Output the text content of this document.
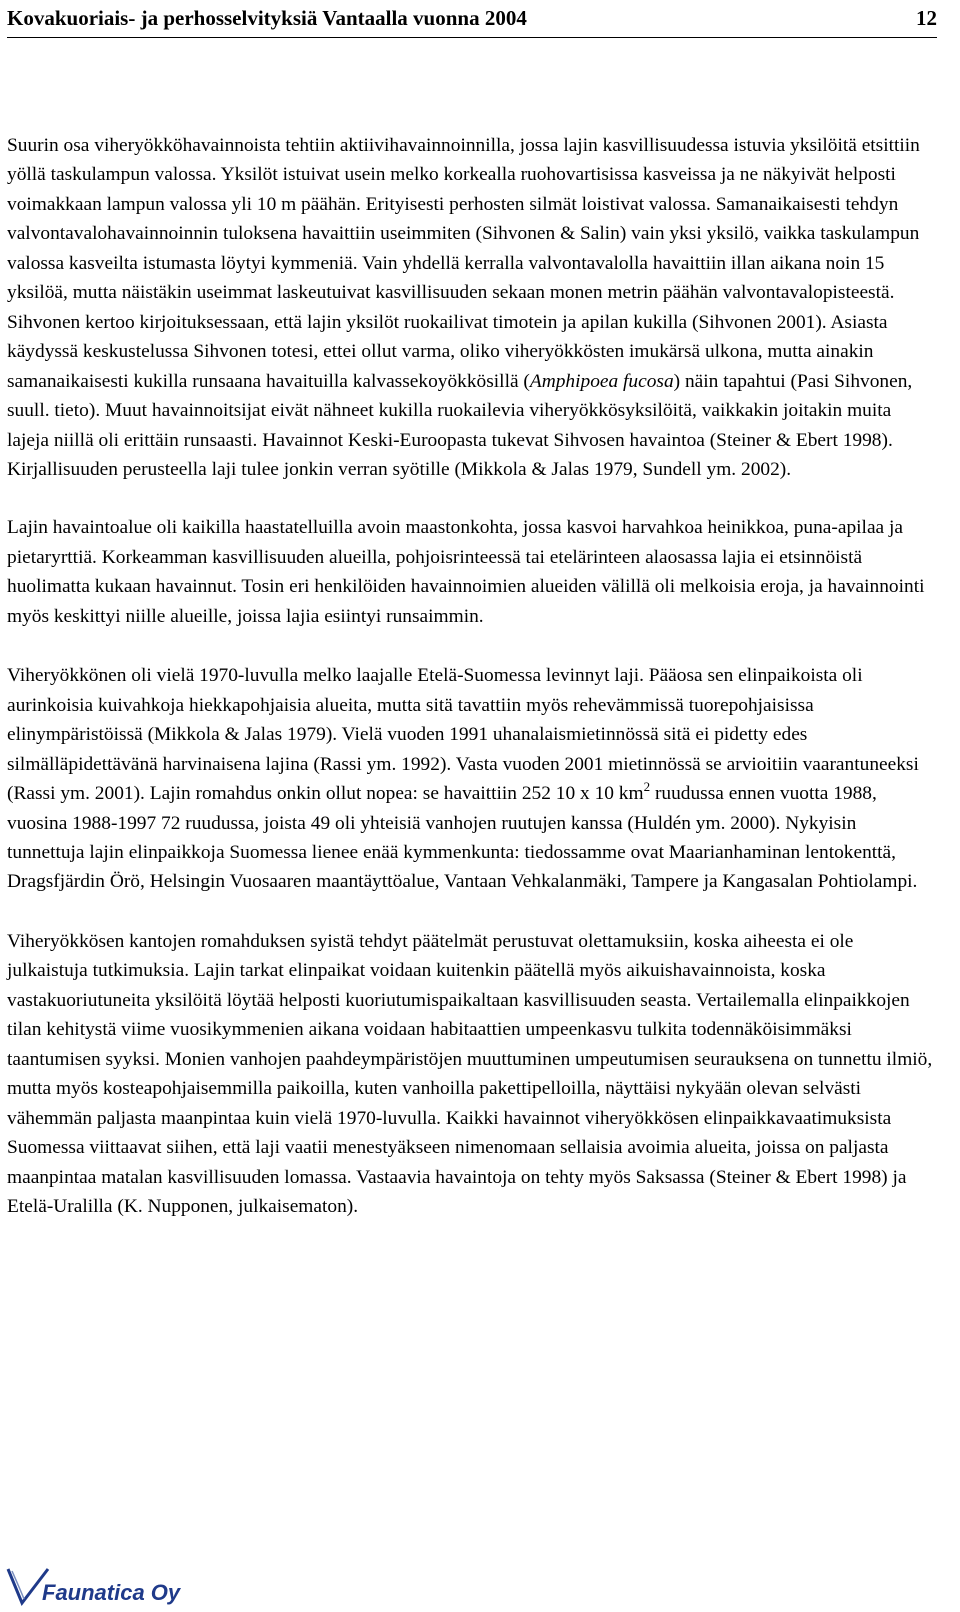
Kovakuoriais- ja perhosselvityksiä Vantaalla vuonna 2004	12

Suurin osa viheryökköhavainnoista tehtiin aktiivihavainnoinnilla, jossa lajin kasvillisuudessa istuvia yksilöitä etsittiin yöllä taskulampun valossa. Yksilöt istuivat usein melko korkealla ruohovartisissa kasveissa ja ne näkyivät helposti voimakkaan lampun valossa yli 10 m päähän. Erityisesti perhosten silmät loistivat valossa. Samanaikaisesti tehdyn valvontavalohavainnoinnin tuloksena havaittiin useimmiten (Sihvonen & Salin) vain yksi yksilö, vaikka taskulampun valossa kasveilta istumasta löytyi kymmeniä. Vain yhdellä kerralla valvontavalolla havaittiin illan aikana noin 15 yksilöä, mutta näistäkin useimmat laskeutuivat kasvillisuuden sekaan monen metrin päähän valvontavalopisteestä. Sihvonen kertoo kirjoituksessaan, että lajin yksilöt ruokailivat timotein ja apilan kukilla (Sihvonen 2001). Asiasta käydyssä keskustelussa Sihvonen totesi, ettei ollut varma, oliko viheryökkösten imukärsä ulkona, mutta ainakin samanaikaisesti kukilla runsaana havaituilla kalvassekoyökkösillä (Amphipoea fucosa) näin tapahtui (Pasi Sihvonen, suull. tieto). Muut havainnoitsijat eivät nähneet kukilla ruokailevia viheryökkösyksilöitä, vaikkakin joitakin muita lajeja niillä oli erittäin runsaasti. Havainnot Keski-Euroopasta tukevat Sihvosen havaintoa (Steiner & Ebert 1998). Kirjallisuuden perusteella laji tulee jonkin verran syötille (Mikkola & Jalas 1979, Sundell ym. 2002).

Lajin havaintoalue oli kaikilla haastatelluilla avoin maastonkohta, jossa kasvoi harvahkoa heinikkoa, puna-apilaa ja pietaryrttiä. Korkeamman kasvillisuuden alueilla, pohjoisrinteessä tai etelärinteen alaosassa lajia ei etsinnöistä huolimatta kukaan havainnut. Tosin eri henkilöiden havainnoimien alueiden välillä oli melkoisia eroja, ja havainnointi myös keskittyi niille alueille, joissa lajia esiintyi runsaimmin.

Viheryökkönen oli vielä 1970-luvulla melko laajalle Etelä-Suomessa levinnyt laji. Pääosa sen elinpaikoista oli aurinkoisia kuivahkoja hiekkapohjaisia alueita, mutta sitä tavattiin myös rehevämmissä tuorepohjaisissa elinympäristöissä (Mikkola & Jalas 1979). Vielä vuoden 1991 uhanalaismietinnössä sitä ei pidetty edes silmälläpidettävänä harvinaisena lajina (Rassi ym. 1992). Vasta vuoden 2001 mietinnössä se arvioitiin vaarantuneeksi (Rassi ym. 2001). Lajin romahdus onkin ollut nopea: se havaittiin 252 10 x 10 $km^2$ ruudussa ennen vuotta 1988, vuosina 1988-1997 72 ruudussa, joista 49 oli yhteisiä vanhojen ruutujen kanssa (Huldén ym. 2000). Nykyisin tunnettuja lajin elinpaikkoja Suomessa lienee enää kymmenkunta: tiedossamme ovat Maarianhaminan lentokenttä, Dragsfjärdin Örö, Helsingin Vuosaaren maantäyttöalue, Vantaan Vehkalanmäki, Tampere ja Kangasalan Pohtiolampi.

Viheryökkösen kantojen romahduksen syistä tehdyt päätelmät perustuvat olettamuksiin, koska aiheesta ei ole julkaistuja tutkimuksia. Lajin tarkat elinpaikat voidaan kuitenkin päätellä myös aikuishavainnoista, koska vastakuoriutuneita yksilöitä löytää helposti kuoriutumispaikaltaan kasvillisuuden seasta. Vertailemalla elinpaikkojen tilan kehitystä viime vuosikymmenien aikana voidaan habitaattien umpeenkasvu tulkita todennäköisimmäksi taantumisen syyksi. Monien vanhojen paahdeympäristöjen muuttuminen umpeutumisen seurauksena on tunnettu ilmiö, mutta myös kosteapohjaisemmilla paikoilla, kuten vanhoilla pakettipelloilla, näyttäisi nykyään olevan selvästi vähemmän paljasta maanpintaa kuin vielä 1970-luvulla. Kaikki havainnot viheryökkösen elinpaikkavaatimuksista Suomessa viittaavat siihen, että laji vaatii menestyäkseen nimenomaan sellaisia avoimia alueita, joissa on paljasta maanpintaa matalan kasvillisuuden lomassa. Vastaavia havaintoja on tehty myös Saksassa (Steiner & Ebert 1998) ja Etelä-Uralilla (K. Nupponen, julkaisematon).

Faunatica Oy
